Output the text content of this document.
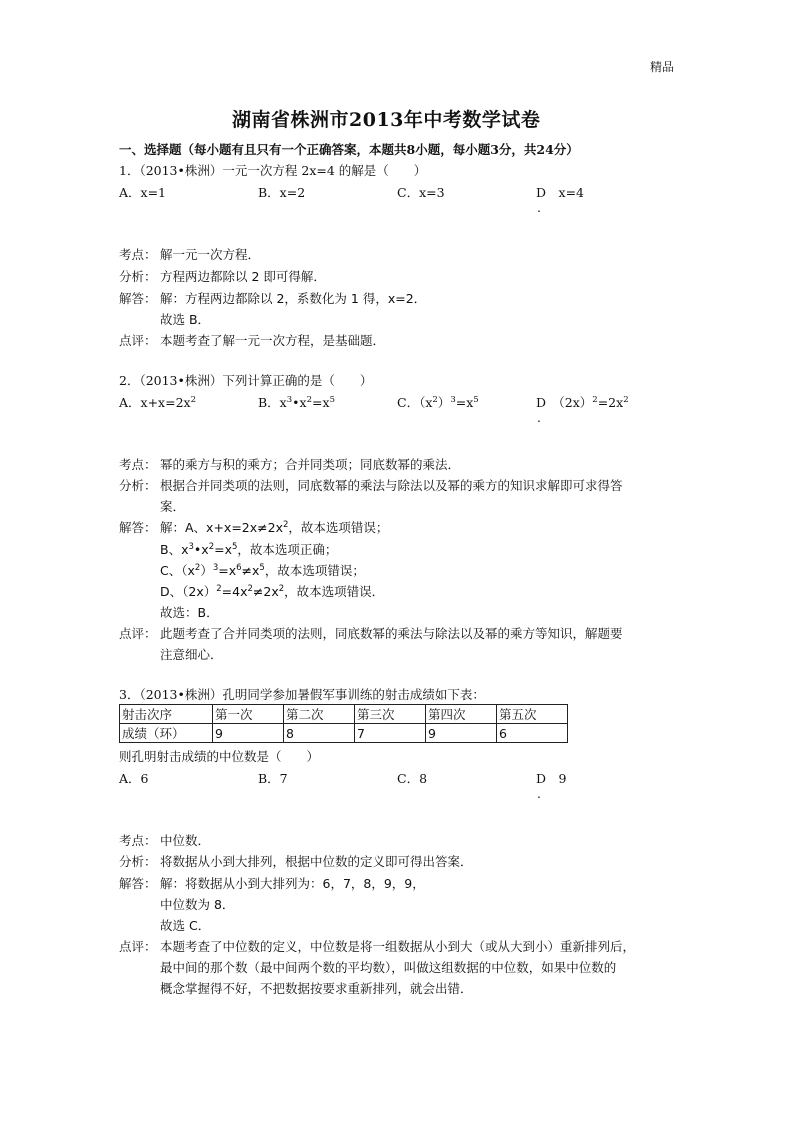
精品
湖南省株洲市2013年中考数学试卷
一、选择题（每小题有且只有一个正确答案，本题共8小题，每小题3分，共24分）
1．（2013•株洲）一元一次方程 2x=4 的解是（　　）
A．x=1	B．x=2	C．x=3	D　x=4
.
考点： 解一元一次方程．
分析： 方程两边都除以 2 即可得解．
解答： 解：方程两边都除以 2，系数化为 1 得，x=2．
故选 B．
点评： 本题考查了解一元一次方程，是基础题．
2．（2013•株洲）下列计算正确的是（　　）
A．$x+x=2x^2$	B．$x^3•x^2=x^5$	C．$(x^2)^3=x^5$	D　$(2x)^2=2x^2$
.
考点： 幂的乘方与积的乘方；合并同类项；同底数幂的乘法．
分析： 根据合并同类项的法则，同底数幂的乘法与除法以及幂的乘方的知识求解即可求得答
案．
解答： 解：A、$x+x=2x\ne 2x^2$，故本选项错误；
B、$x^3•x^2=x^5$，故本选项正确；
C、$(x^2)^3=x^6\ne x^5$，故本选项错误；
D、$(2x)^2=4x^2\ne 2x^2$，故本选项错误．
故选：B．
点评： 此题考查了合并同类项的法则，同底数幂的乘法与除法以及幂的乘方等知识，解题要
注意细心．
3．（2013•株洲）孔明同学参加暑假军事训练的射击成绩如下表：
射击次序	第一次	第二次	第三次	第四次	第五次
成绩（环）	9	8	7	9	6
则孔明射击成绩的中位数是（　　）
A．6	B．7	C．8	D　9
.
考点： 中位数．
分析： 将数据从小到大排列，根据中位数的定义即可得出答案．
解答： 解：将数据从小到大排列为：6，7，8，9，9，
中位数为 8．
故选 C．
点评： 本题考查了中位数的定义，中位数是将一组数据从小到大（或从大到小）重新排列后，
最中间的那个数（最中间两个数的平均数），叫做这组数据的中位数，如果中位数的
概念掌握得不好，不把数据按要求重新排列，就会出错．
